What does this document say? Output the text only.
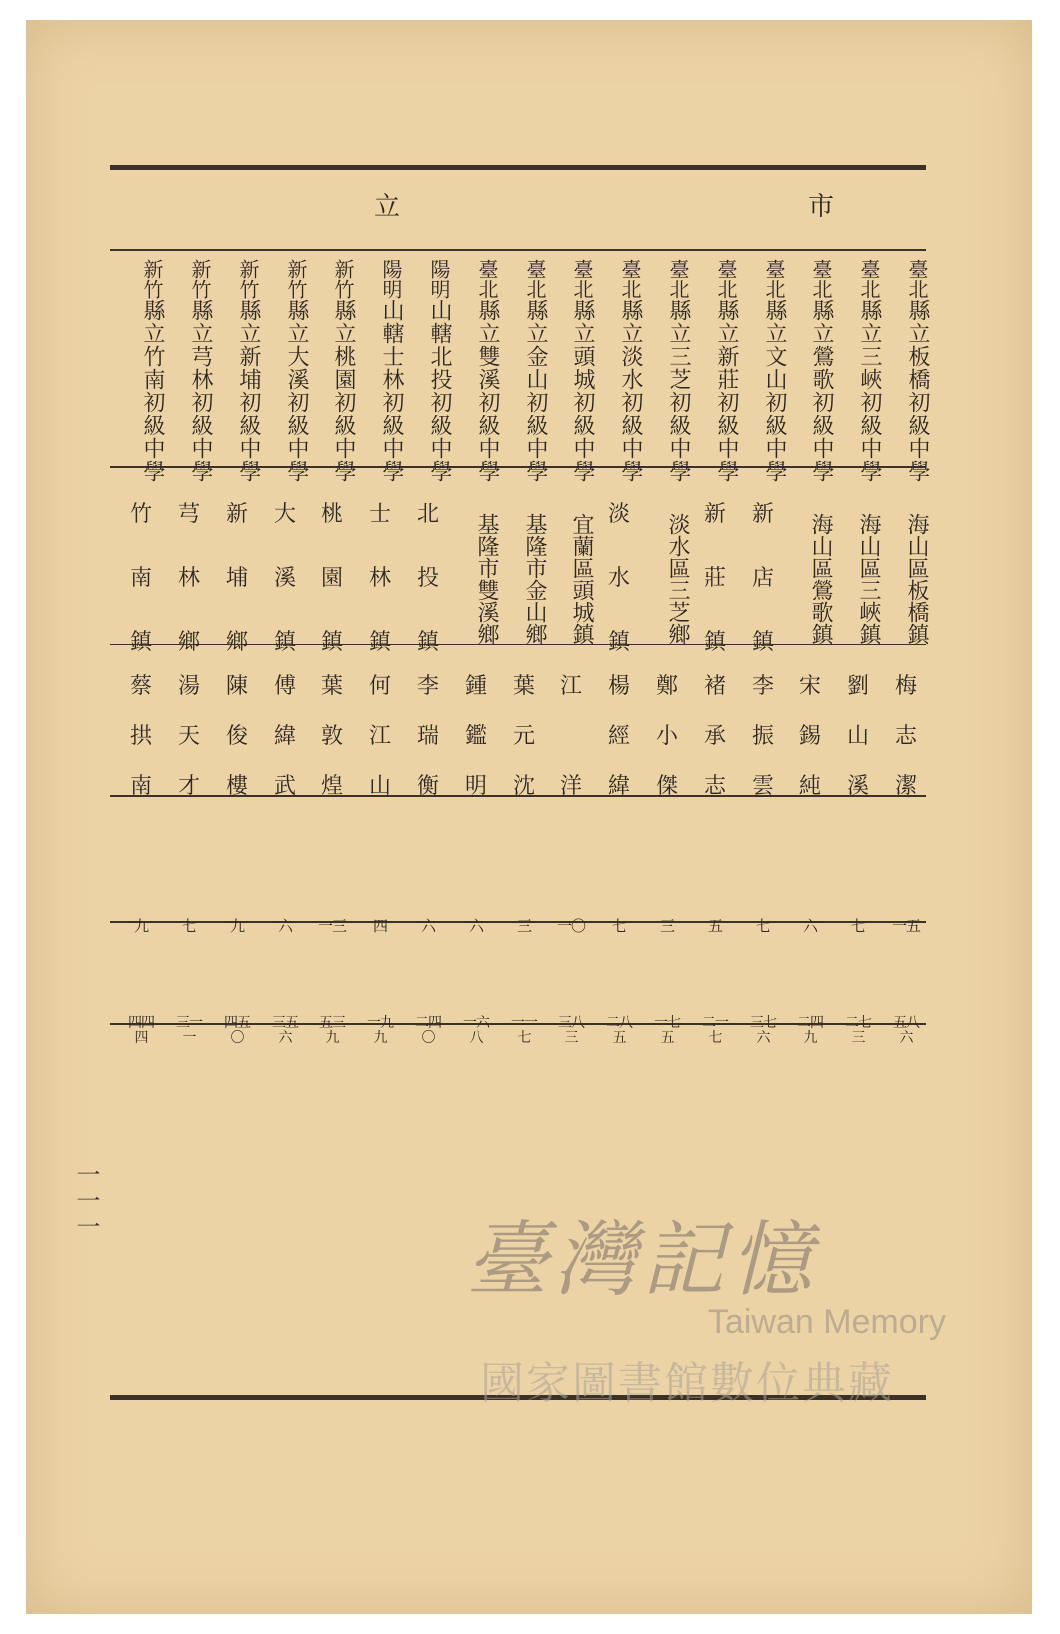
立	市
臺北縣立板橋初級中學
海山區板橋鎮
梅
志
潔
一五
五八
六
臺北縣立三峽初級中學
海山區三峽鎮
劉
山
溪
七
二七
三
臺北縣立鶯歌初級中學
海山區鶯歌鎮
宋
錫
純
六
二四
九
臺北縣立文山初級中學
新
店
鎮
李
振
雲
七
三七
六
臺北縣立新莊初級中學
新
莊
鎮
褚
承
志
五
二一
七
臺北縣立三芝初級中學
淡水區三芝鄉
鄭
小
傑
三
一七
五
臺北縣立淡水初級中學
淡
水
鎮
楊
經
緯
七
二八
五
臺北縣立頭城初級中學
宜蘭區頭城鎮
江
洋
一〇
三八
三
臺北縣立金山初級中學
基隆市金山鄉
葉
元
沈
三
一一
七
臺北縣立雙溪初級中學
基隆市雙溪鄉
鍾
鑑
明
六
一六
八
陽明山轄北投初級中學
北
投
鎮
李
瑞
衡
六
二四
〇
陽明山轄士林初級中學
士
林
鎮
何
江
山
四
一九
九
新竹縣立桃園初級中學
桃
園
鎮
葉
敦
煌
一三
五三
九
新竹縣立大溪初級中學
大
溪
鎮
傅
緯
武
六
三五
六
新竹縣立新埔初級中學
新
埔
鄉
陳
俊
樓
九
四五
〇
新竹縣立芎林初級中學
芎
林
鄉
湯
天
才
七
三一
一
新竹縣立竹南初級中學
竹
南
鎮
蔡
拱
南
九
四四
四
一一一
臺灣記憶
Taiwan Memory
國家圖書館數位典藏
